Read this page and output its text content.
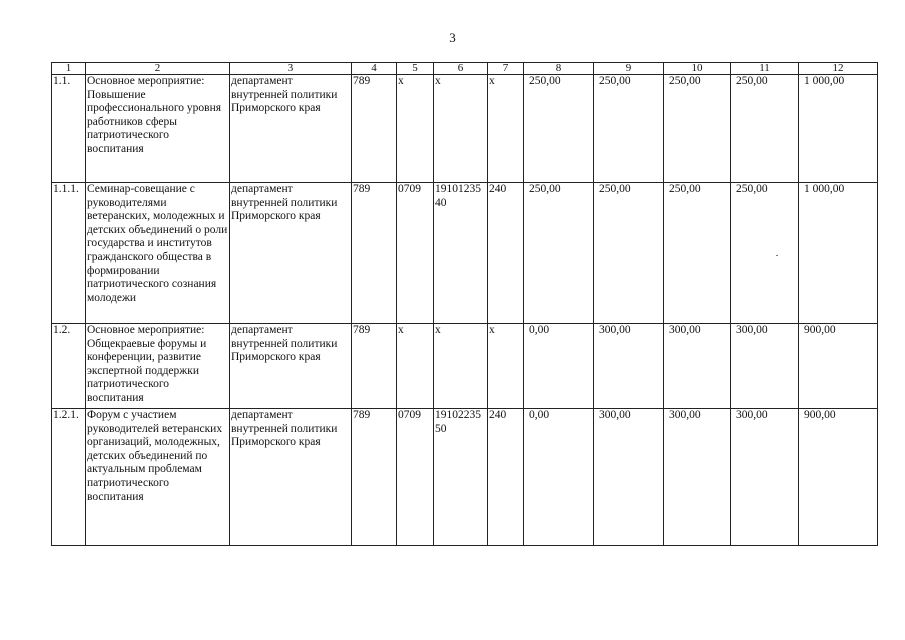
3
1	2	3	4	5	6	7	8	9	10	11	12
1.1.	Основное мероприятие: Повышение профессионального уровня работников сферы патриотического воспитания	департамент внутренней политики Приморского края	789	х	х	х	250,00	250,00	250,00	250,00	1 000,00
1.1.1.	Семинар-совещание с руководителями ветеранских, молодежных и детских объединений о роли государства и институтов гражданского общества в формировании патриотического сознания молодежи	департамент внутренней политики Приморского края	789	0709	1910123540	240	250,00	250,00	250,00	250,00	1 000,00
1.2.	Основное мероприятие: Общекраевые форумы и конференции, развитие экспертной поддержки патриотического воспитания	департамент внутренней политики Приморского края	789	х	х	х	0,00	300,00	300,00	300,00	900,00
1.2.1.	Форум с участием руководителей ветеранских организаций, молодежных, детских объединений по актуальным проблемам патриотического воспитания	департамент внутренней политики Приморского края	789	0709	1910223550	240	0,00	300,00	300,00	300,00	900,00
